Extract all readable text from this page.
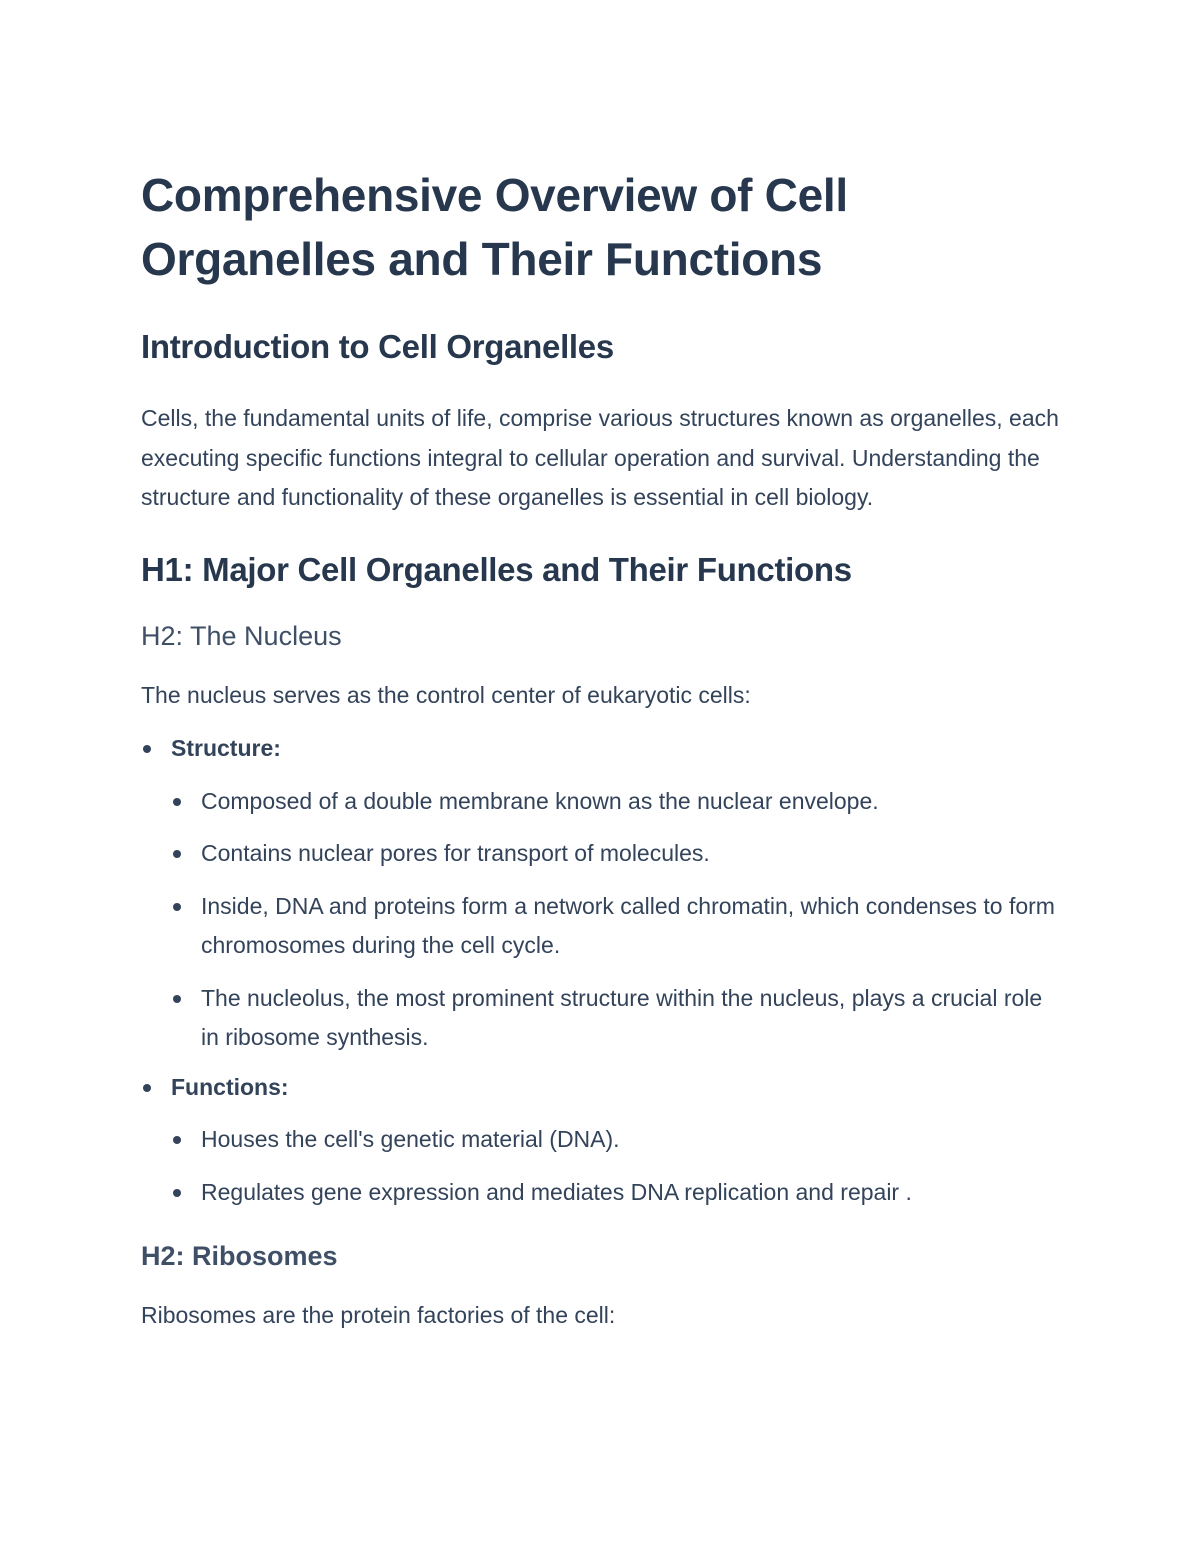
Comprehensive Overview of Cell Organelles and Their Functions
Introduction to Cell Organelles

Cells, the fundamental units of life, comprise various structures known as organelles, each executing specific functions integral to cellular operation and survival. Understanding the structure and functionality of these organelles is essential in cell biology.

H1: Major Cell Organelles and Their Functions
H2: The Nucleus

The nucleus serves as the control center of eukaryotic cells:

Structure:
Composed of a double membrane known as the nuclear envelope.
Contains nuclear pores for transport of molecules.
Inside, DNA and proteins form a network called chromatin, which condenses to form chromosomes during the cell cycle.
The nucleolus, the most prominent structure within the nucleus, plays a crucial role in ribosome synthesis.
Functions:
Houses the cell's genetic material (DNA).
Regulates gene expression and mediates DNA replication and repair .
H2: Ribosomes

Ribosomes are the protein factories of the cell:
